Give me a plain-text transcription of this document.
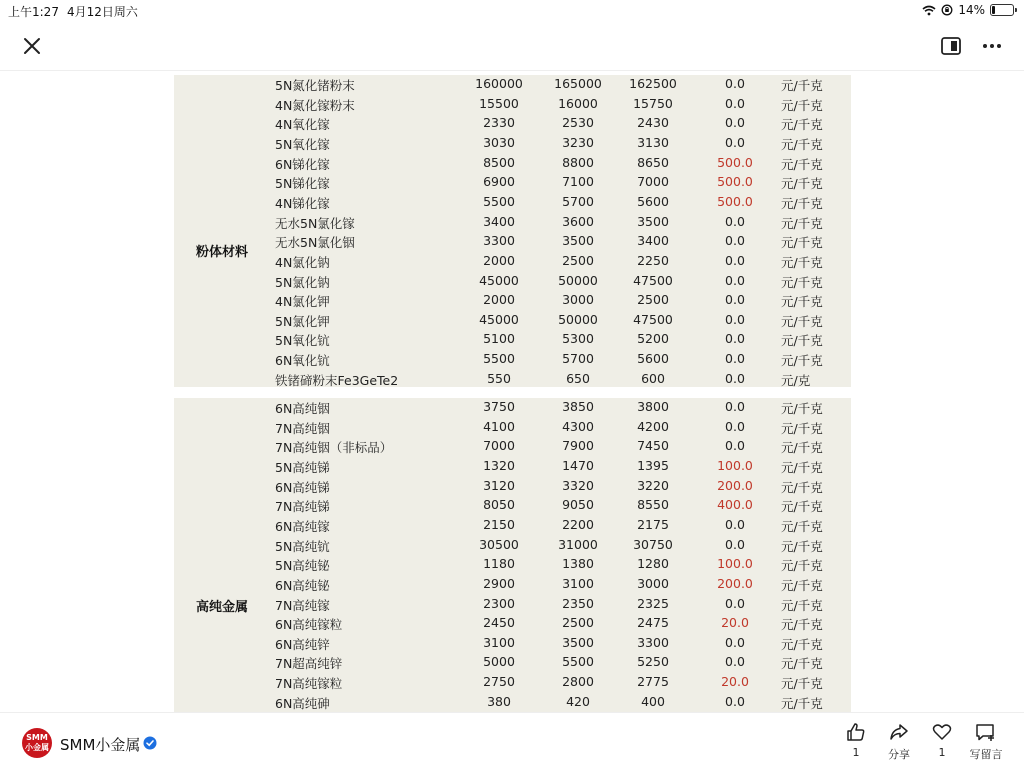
上午1:27 4月12日周六	14%
粉体材料
5N氮化锗粉末	160000	165000	162500	0.0	元/千克
4N氮化镓粉末	15500	16000	15750	0.0	元/千克
4N氧化镓	2330	2530	2430	0.0	元/千克
5N氧化镓	3030	3230	3130	0.0	元/千克
6N锑化镓	8500	8800	8650	500.0	元/千克
5N锑化镓	6900	7100	7000	500.0	元/千克
4N锑化镓	5500	5700	5600	500.0	元/千克
无水5N氯化镓	3400	3600	3500	0.0	元/千克
无水5N氯化铟	3300	3500	3400	0.0	元/千克
4N氯化钠	2000	2500	2250	0.0	元/千克
5N氯化钠	45000	50000	47500	0.0	元/千克
4N氯化钾	2000	3000	2500	0.0	元/千克
5N氯化钾	45000	50000	47500	0.0	元/千克
5N氧化钪	5100	5300	5200	0.0	元/千克
6N氧化钪	5500	5700	5600	0.0	元/千克
铁锗碲粉末Fe3GeTe2	550	650	600	0.0	元/克
高纯金属
6N高纯铟	3750	3850	3800	0.0	元/千克
7N高纯铟	4100	4300	4200	0.0	元/千克
7N高纯铟（非标品）	7000	7900	7450	0.0	元/千克
5N高纯锑	1320	1470	1395	100.0	元/千克
6N高纯锑	3120	3320	3220	200.0	元/千克
7N高纯锑	8050	9050	8550	400.0	元/千克
6N高纯镓	2150	2200	2175	0.0	元/千克
5N高纯钪	30500	31000	30750	0.0	元/千克
5N高纯铋	1180	1380	1280	100.0	元/千克
6N高纯铋	2900	3100	3000	200.0	元/千克
7N高纯镓	2300	2350	2325	0.0	元/千克
6N高纯镓粒	2450	2500	2475	20.0	元/千克
6N高纯锌	3100	3500	3300	0.0	元/千克
7N超高纯锌	5000	5500	5250	0.0	元/千克
7N高纯镓粒	2750	2800	2775	20.0	元/千克
6N高纯砷	380	420	400	0.0	元/千克
SMM
小金属 SMM小金属	1	分享	1	写留言
